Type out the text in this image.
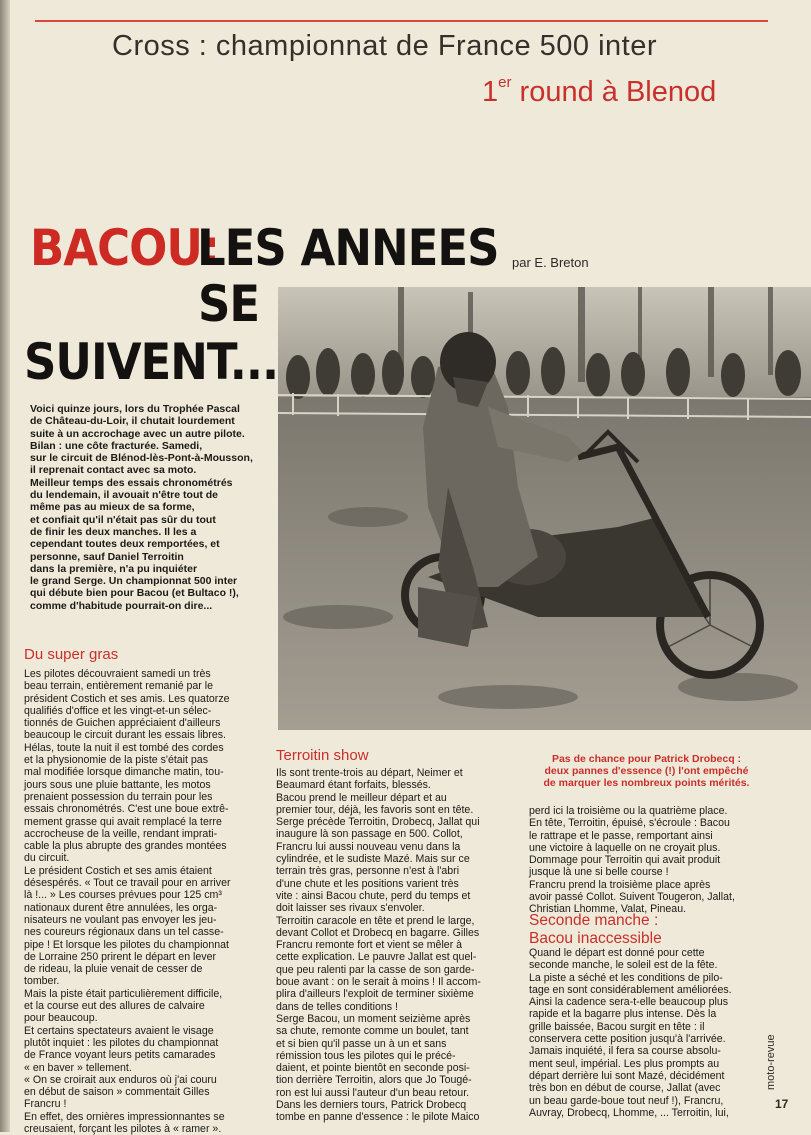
Cross : championnat de France 500 inter
1er round à Blenod
BACOU:
LES ANNEES
SE
SUIVENT...
par E. Breton
Voici quinze jours, lors du Trophée Pascal
de Château-du-Loir, il chutait lourdement
suite à un accrochage avec un autre pilote.
Bilan : une côte fracturée. Samedi,
sur le circuit de Blénod-lès-Pont-à-Mousson,
il reprenait contact avec sa moto.
Meilleur temps des essais chronométrés
du lendemain, il avouait n'être tout de
même pas au mieux de sa forme,
et confiait qu'il n'était pas sûr du tout
de finir les deux manches. Il les a
cependant toutes deux remportées, et
personne, sauf Daniel Terroitin
dans la première, n'a pu inquiéter
le grand Serge. Un championnat 500 inter
qui débute bien pour Bacou (et Bultaco !),
comme d'habitude pourrait-on dire...
Du super gras
Les pilotes découvraient samedi un très
beau terrain, entièrement remanié par le
président Costich et ses amis. Les quatorze
qualifiés d'office et les vingt-et-un sélec-
tionnés de Guichen appréciaient d'ailleurs
beaucoup le circuit durant les essais libres.
Hélas, toute la nuit il est tombé des cordes
et la physionomie de la piste s'était pas
mal modifiée lorsque dimanche matin, tou-
jours sous une pluie battante, les motos
prenaient possession du terrain pour les
essais chronométrés. C'est une boue extrê-
mement grasse qui avait remplacé la terre
accrocheuse de la veille, rendant imprati-
cable la plus abrupte des grandes montées
du circuit.
Le président Costich et ses amis étaient
désespérés. « Tout ce travail pour en arriver
là !... » Les courses prévues pour 125 cm³
nationaux durent être annulées, les orga-
nisateurs ne voulant pas envoyer les jeu-
nes coureurs régionaux dans un tel casse-
pipe ! Et lorsque les pilotes du championnat
de Lorraine 250 prirent le départ en lever
de rideau, la pluie venait de cesser de
tomber.
Mais la piste était particulièrement difficile,
et la course eut des allures de calvaire
pour beaucoup.
Et certains spectateurs avaient le visage
plutôt inquiet : les pilotes du championnat
de France voyant leurs petits camarades
« en baver » tellement.
« On se croirait aux enduros où j'ai couru
en début de saison » commentait Gilles
Francru !
En effet, des ornières impressionnantes se
creusaient, forçant les pilotes à « ramer ».
Terroitin show
Ils sont trente-trois au départ, Neimer et
Beaumard étant forfaits, blessés.
Bacou prend le meilleur départ et au
premier tour, déjà, les favoris sont en tête.
Serge précède Terroitin, Drobecq, Jallat qui
inaugure là son passage en 500. Collot,
Francru lui aussi nouveau venu dans la
cylindrée, et le sudiste Mazé. Mais sur ce
terrain très gras, personne n'est à l'abri
d'une chute et les positions varient très
vite : ainsi Bacou chute, perd du temps et
doit laisser ses rivaux s'envoler.
Terroitin caracole en tête et prend le large,
devant Collot et Drobecq en bagarre. Gilles
Francru remonte fort et vient se mêler à
cette explication. Le pauvre Jallat est quel-
que peu ralenti par la casse de son garde-
boue avant : on le serait à moins ! Il accom-
plira d'ailleurs l'exploit de terminer sixième
dans de telles conditions !
Serge Bacou, un moment seizième après
sa chute, remonte comme un boulet, tant
et si bien qu'il passe un à un et sans
rémission tous les pilotes qui le précé-
daient, et pointe bientôt en seconde posi-
tion derrière Terroitin, alors que Jo Tougé-
ron est lui aussi l'auteur d'un beau retour.
Dans les derniers tours, Patrick Drobecq
tombe en panne d'essence : le pilote Maico
Pas de chance pour Patrick Drobecq :
deux pannes d'essence (!) l'ont empêché
de marquer les nombreux points mérités.
perd ici la troisième ou la quatrième place.
En tête, Terroitin, épuisé, s'écroule : Bacou
le rattrape et le passe, remportant ainsi
une victoire à laquelle on ne croyait plus.
Dommage pour Terroitin qui avait produit
jusque là une si belle course !
Francru prend la troisième place après
avoir passé Collot. Suivent Tougeron, Jallat,
Christian Lhomme, Valat, Pineau.
Seconde manche :
Bacou inaccessible
Quand le départ est donné pour cette
seconde manche, le soleil est de la fête.
La piste a séché et les conditions de pilo-
tage en sont considérablement améliorées.
Ainsi la cadence sera-t-elle beaucoup plus
rapide et la bagarre plus intense. Dès la
grille baissée, Bacou surgit en tête : il
conservera cette position jusqu'à l'arrivée.
Jamais inquiété, il fera sa course absolu-
ment seul, impérial. Les plus prompts au
départ derrière lui sont Mazé, décidément
très bon en début de course, Jallat (avec
un beau garde-boue tout neuf !), Francru,
Auvray, Drobecq, Lhomme, ... Terroitin, lui,
moto-revue
17
